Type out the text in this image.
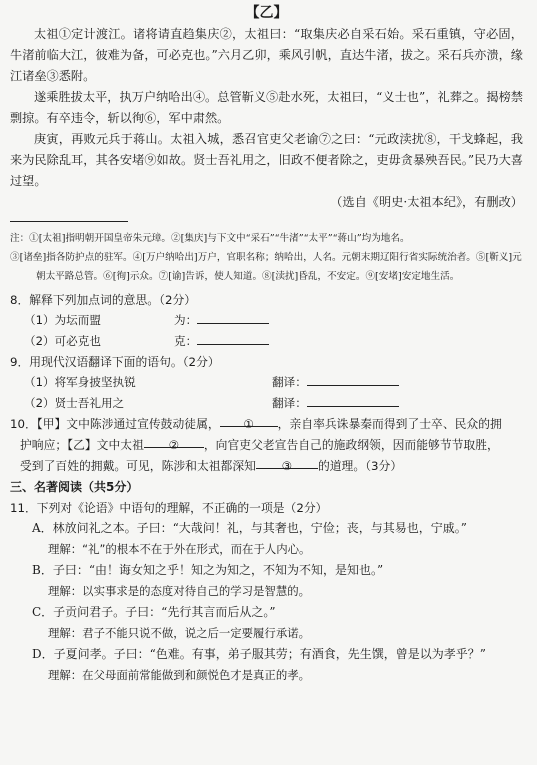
【乙】

太祖①定计渡江。诸将请直趋集庆②，太祖曰：“取集庆必自采石始。采石重镇，守必固，牛渚前临大江，彼难为备，可必克也。”六月乙卯，乘风引帆，直达牛渚，拔之。采石兵亦溃，缘江诸垒③悉附。

遂乘胜拔太平，执万户纳哈出④。总管靳义⑤赴水死，太祖曰，“义士也”，礼葬之。揭榜禁剽掠。有卒违令，斩以徇⑥，军中肃然。

庚寅，再败元兵于蒋山。太祖入城，悉召官吏父老谕⑦之曰：“元政渎扰⑧，干戈蜂起，我来为民除乱耳，其各安堵⑨如故。贤士吾礼用之，旧政不便者除之，吏毋贪暴殃吾民。”民乃大喜过望。

（选自《明史·太祖本纪》，有删改）

注：①[太祖]指明朝开国皇帝朱元璋。②[集庆]与下文中“采石”“牛渚”“太平”“蒋山”均为地名。

③[诸垒]指各防护点的驻军。④[万户纳哈出]万户，官职名称；纳哈出，人名。元朝末期辽阳行省实际统治者。⑤[靳义]元朝太平路总管。⑥[徇]示众。⑦[谕]告诉，使人知道。⑧[渎扰]昏乱，不安定。⑨[安堵]安定地生活。

8．解释下列加点词的意思。（2分）

（1）为坛而盟	为：

（2）可必克也	克：

9．用现代汉语翻译下面的语句。（2分）

（1）将军身披坚执锐	翻译：

（2）贤士吾礼用之	翻译：

10．【甲】文中陈涉通过宣传鼓动徒属， ① ，亲自率兵诛暴秦而得到了士卒、民众的拥

护响应；【乙】文中太祖 ② ，向官吏父老宣告自己的施政纲领，因而能够节节取胜，

受到了百姓的拥戴。可见，陈涉和太祖都深知 ③ 的道理。（3分）

三、名著阅读（共5分）

11．下列对《论语》中语句的理解，不正确的一项是（2分）

A．林放问礼之本。子曰：“大哉问！礼，与其奢也，宁俭；丧，与其易也，宁戚。”

理解：“礼”的根本不在于外在形式，而在于人内心。

B．子曰：“由！诲女知之乎！知之为知之，不知为不知，是知也。”

理解：以实事求是的态度对待自己的学习是智慧的。

C．子贡问君子。子曰：“先行其言而后从之。”

理解：君子不能只说不做，说之后一定要履行承诺。

D．子夏问孝。子曰：“色难。有事，弟子服其劳；有酒食，先生馔，曾是以为孝乎？”

理解：在父母面前常能做到和颜悦色才是真正的孝。
